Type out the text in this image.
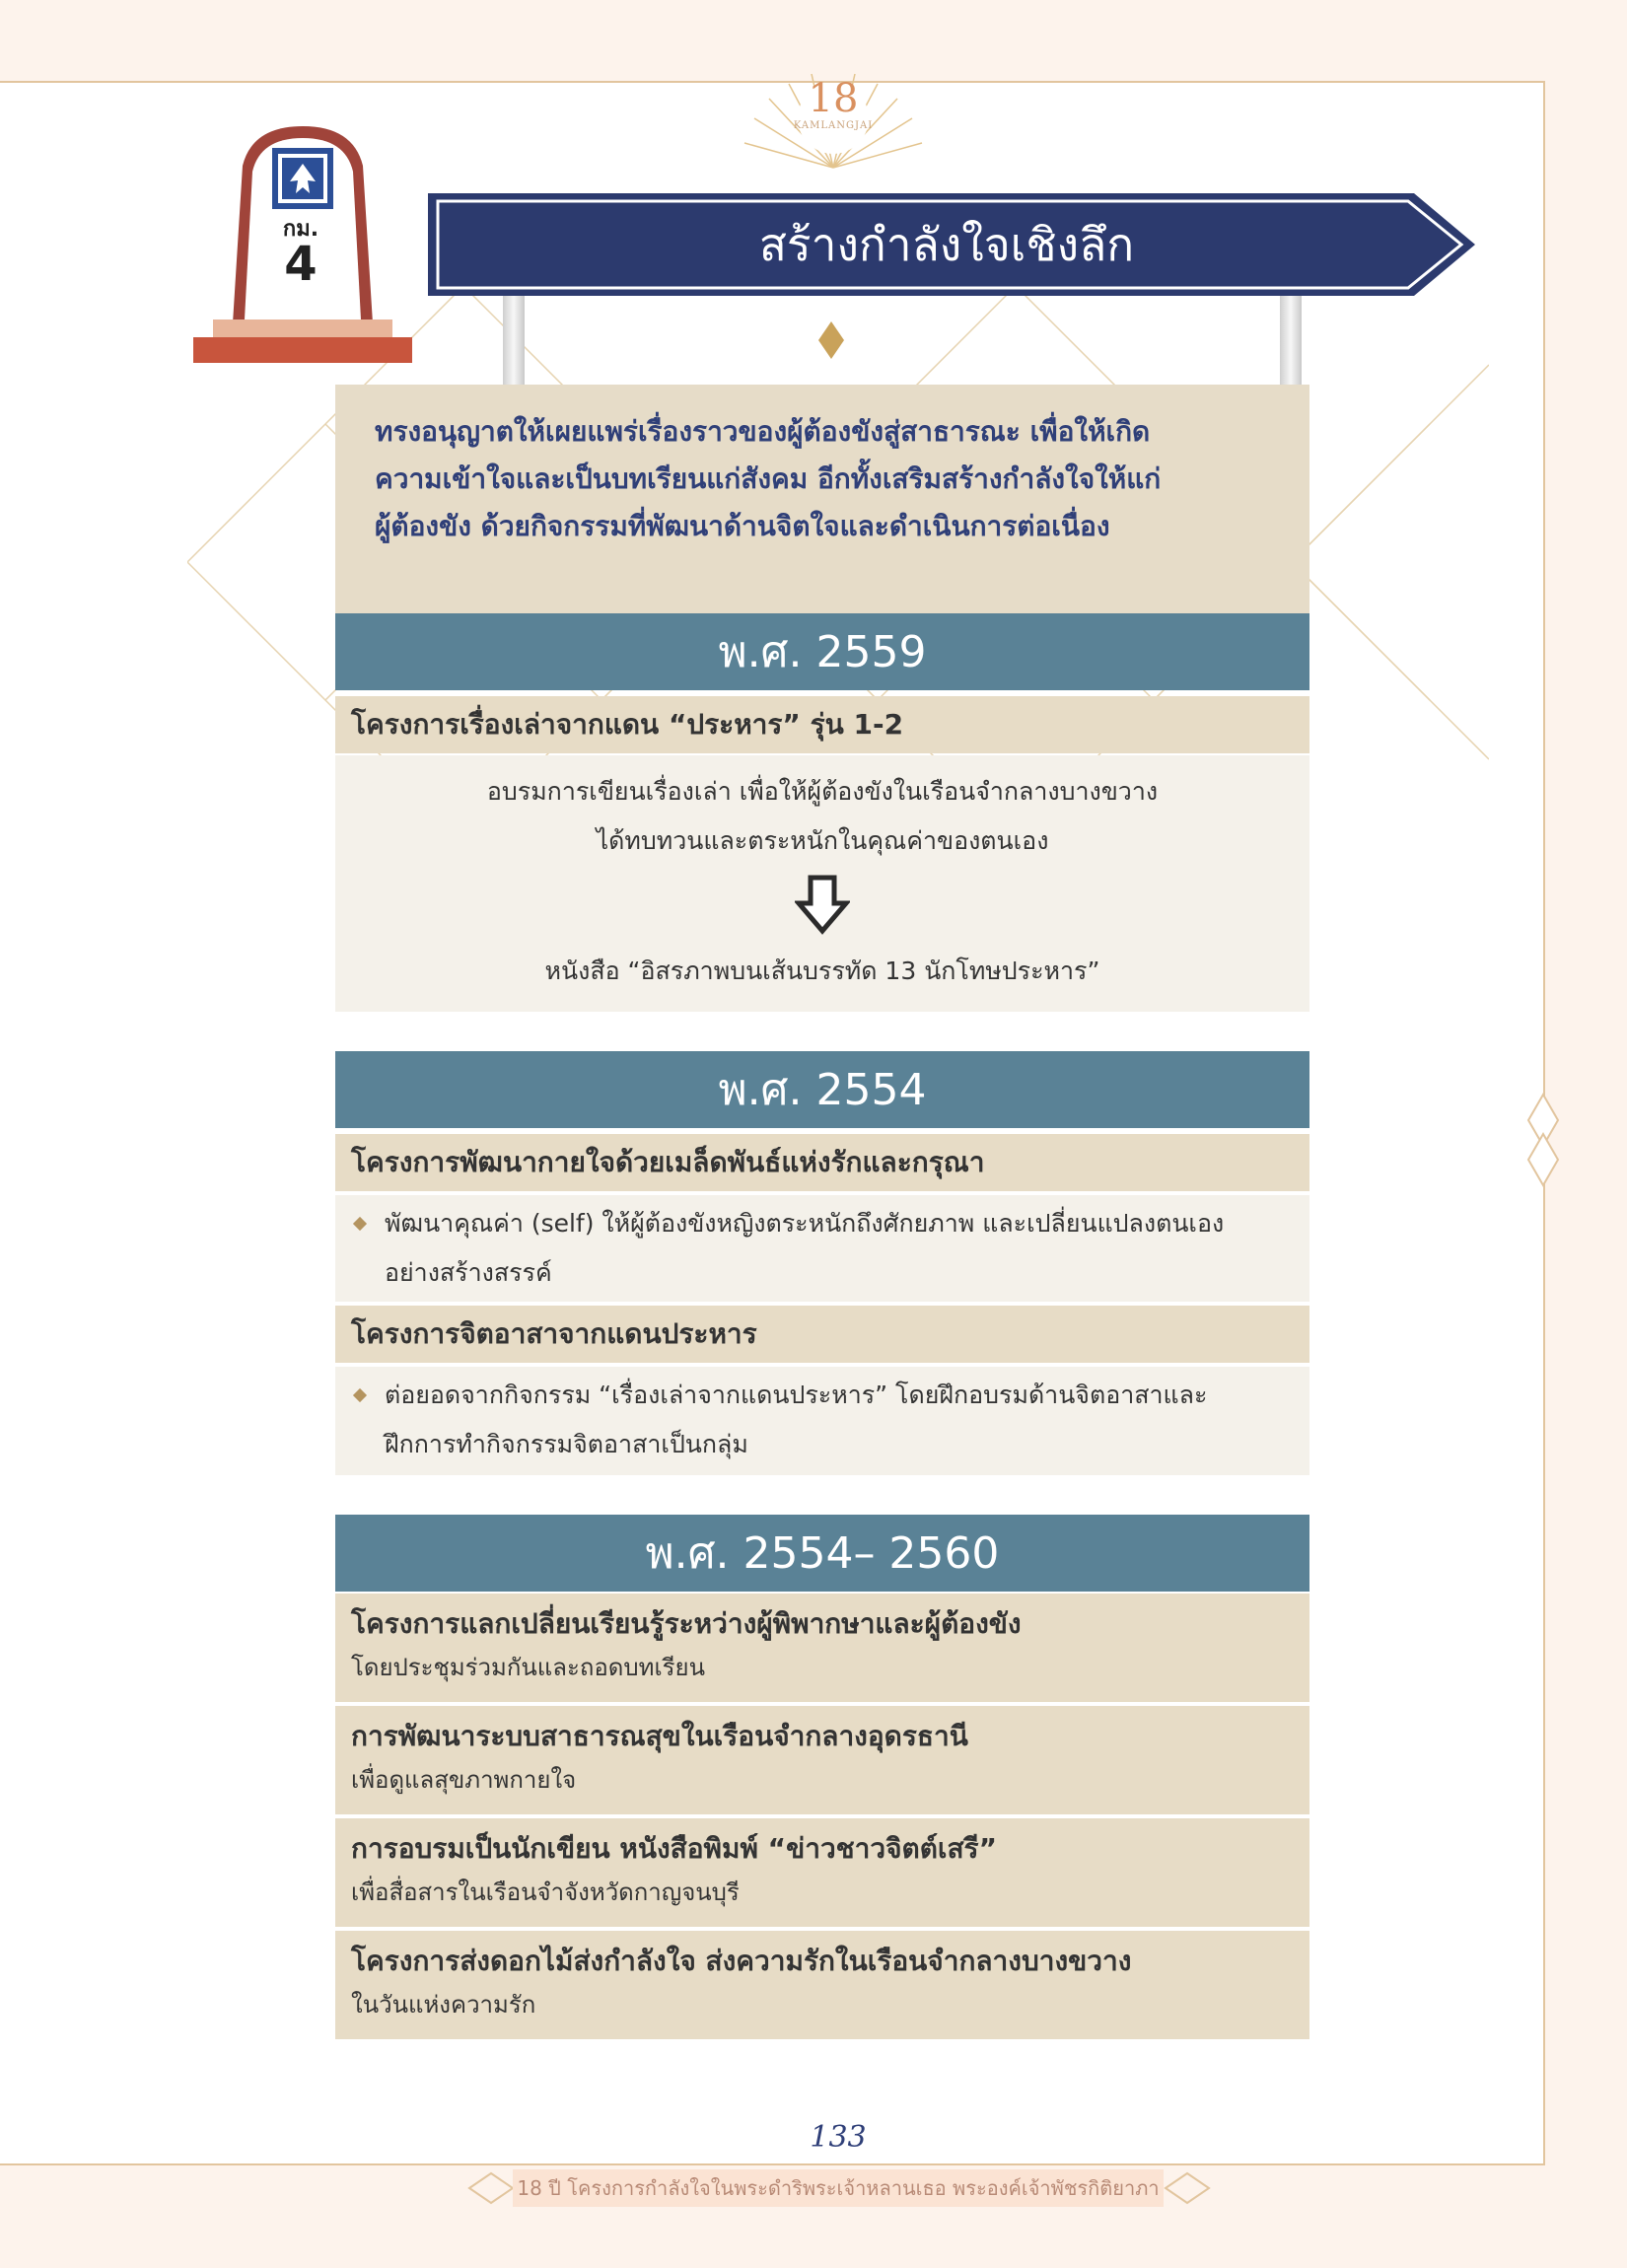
18
KAMLANGJAI
กม.
4	สร้างกำลังใจเชิงลึก

ทรงอนุญาตให้เผยแพร่เรื่องราวของผู้ต้องขังสู่สาธารณะ เพื่อให้เกิด

ความเข้าใจและเป็นบทเรียนแก่สังคม อีกทั้งเสริมสร้างกำลังใจให้แก่

ผู้ต้องขัง ด้วยกิจกรรมที่พัฒนาด้านจิตใจและดำเนินการต่อเนื่อง

พ.ศ. 2559
โครงการเรื่องเล่าจากแดน “ประหาร” รุ่น 1-2
อบรมการเขียนเรื่องเล่า เพื่อให้ผู้ต้องขังในเรือนจำกลางบางขวาง
ได้ทบทวนและตระหนักในคุณค่าของตนเอง
หนังสือ “อิสรภาพบนเส้นบรรทัด 13 นักโทษประหาร”
พ.ศ. 2554
โครงการพัฒนากายใจด้วยเมล็ดพันธ์แห่งรักและกรุณา
พัฒนาคุณค่า (self) ให้ผู้ต้องขังหญิงตระหนักถึงศักยภาพ และเปลี่ยนแปลงตนเอง
อย่างสร้างสรรค์
โครงการจิตอาสาจากแดนประหาร
ต่อยอดจากกิจกรรม “เรื่องเล่าจากแดนประหาร” โดยฝึกอบรมด้านจิตอาสาและ
ฝึกการทำกิจกรรมจิตอาสาเป็นกลุ่ม
พ.ศ. 2554– 2560
โครงการแลกเปลี่ยนเรียนรู้ระหว่างผู้พิพากษาและผู้ต้องขัง
โดยประชุมร่วมกันและถอดบทเรียน
การพัฒนาระบบสาธารณสุขในเรือนจำกลางอุดรธานี
เพื่อดูแลสุขภาพกายใจ
การอบรมเป็นนักเขียน หนังสือพิมพ์ “ข่าวชาวจิตต์เสรี”
เพื่อสื่อสารในเรือนจำจังหวัดกาญจนบุรี
โครงการส่งดอกไม้ส่งกำลังใจ ส่งความรักในเรือนจำกลางบางขวาง
ในวันแห่งความรัก
133
18 ปี โครงการกำลังใจในพระดำริพระเจ้าหลานเธอ พระองค์เจ้าพัชรกิติยาภา
